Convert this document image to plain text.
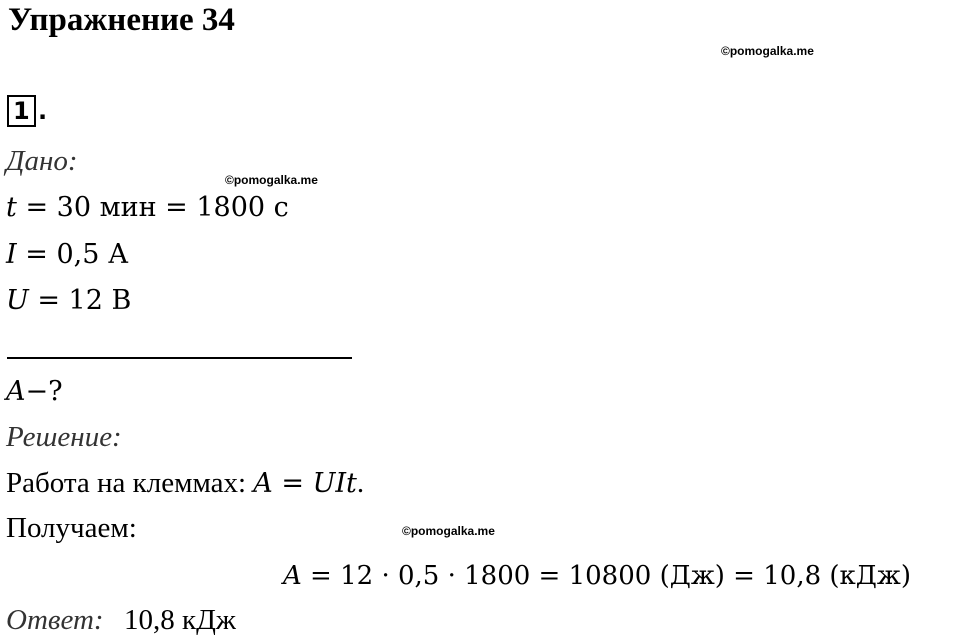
Упражнение 34
©pomogalka.me
©pomogalka.me
©pomogalka.me
1 .
Дано:
t = 30 мин = 1800 с
I = 0,5 А
U = 12 В
A−?
Решение:
Работа на клеммах: A = UIt.
Получаем:
A = 12 · 0,5 · 1800 = 10800 (Дж) = 10,8 (кДж)
Ответ: 10,8 кДж
